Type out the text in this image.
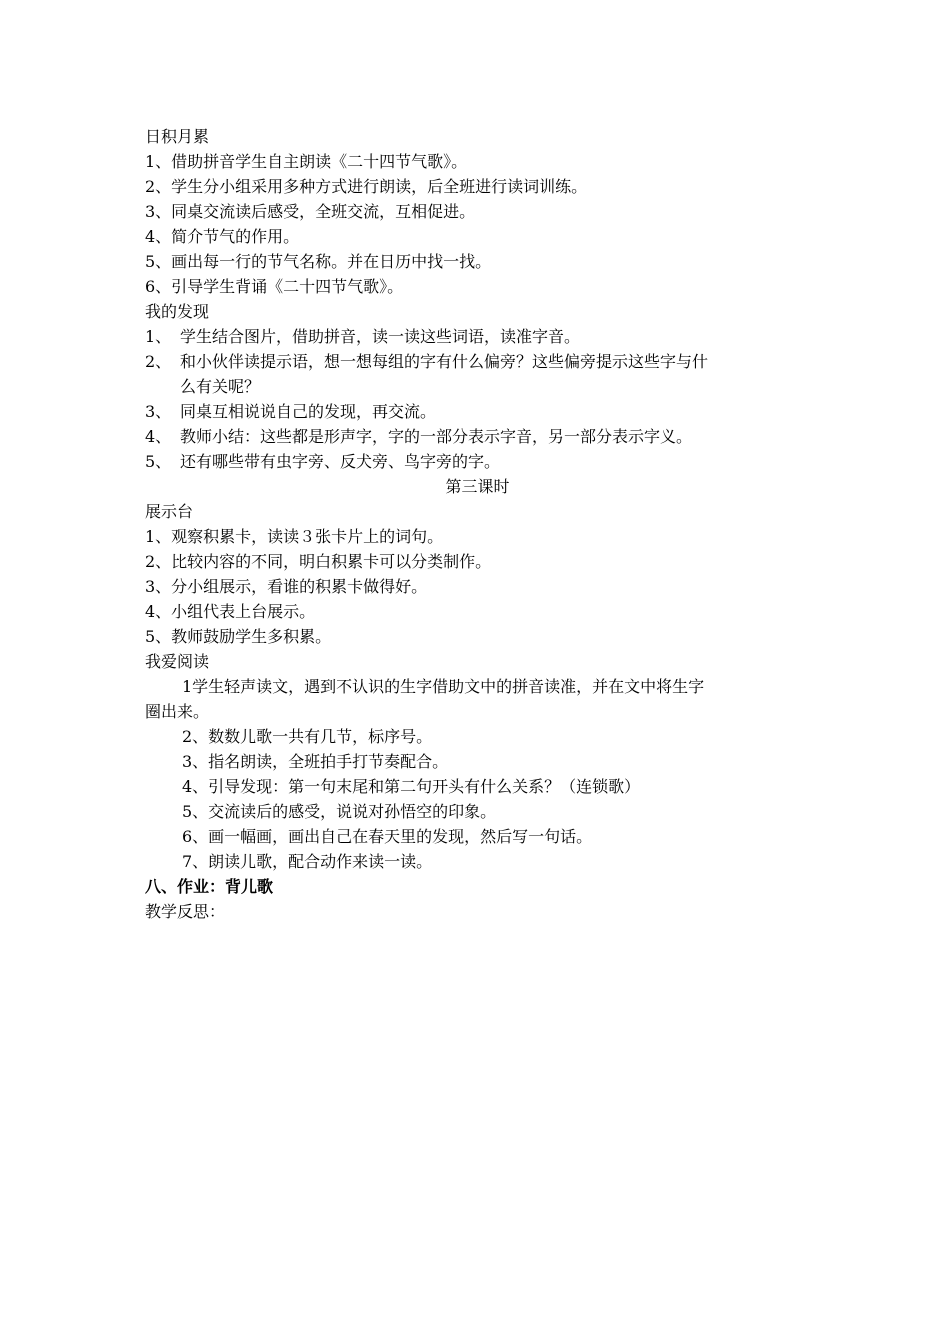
日积月累
1、借助拼音学生自主朗读《二十四节气歌》。
2、学生分小组采用多种方式进行朗读，后全班进行读词训练。
3、同桌交流读后感受，全班交流，互相促进。
4、简介节气的作用。
5、画出每一行的节气名称。并在日历中找一找。
6、引导学生背诵《二十四节气歌》。
我的发现
1、 学生结合图片，借助拼音，读一读这些词语，读准字音。
2、 和小伙伴读提示语，想一想每组的字有什么偏旁？这些偏旁提示这些字与什
么有关呢？
3、 同桌互相说说自己的发现，再交流。
4、 教师小结：这些都是形声字，字的一部分表示字音，另一部分表示字义。
5、 还有哪些带有虫字旁、反犬旁、鸟字旁的字。
第三课时
展示台
1、观察积累卡，读读３张卡片上的词句。
2、比较内容的不同，明白积累卡可以分类制作。
3、分小组展示，看谁的积累卡做得好。
4、小组代表上台展示。
5、教师鼓励学生多积累。
我爱阅读
1学生轻声读文，遇到不认识的生字借助文中的拼音读准，并在文中将生字
圈出来。
2、数数儿歌一共有几节，标序号。
3、指名朗读，全班拍手打节奏配合。
4、引导发现：第一句末尾和第二句开头有什么关系？（连锁歌）
5、交流读后的感受，说说对孙悟空的印象。
6、画一幅画，画出自己在春天里的发现，然后写一句话。
7、朗读儿歌，配合动作来读一读。
八、作业：背儿歌
教学反思：
